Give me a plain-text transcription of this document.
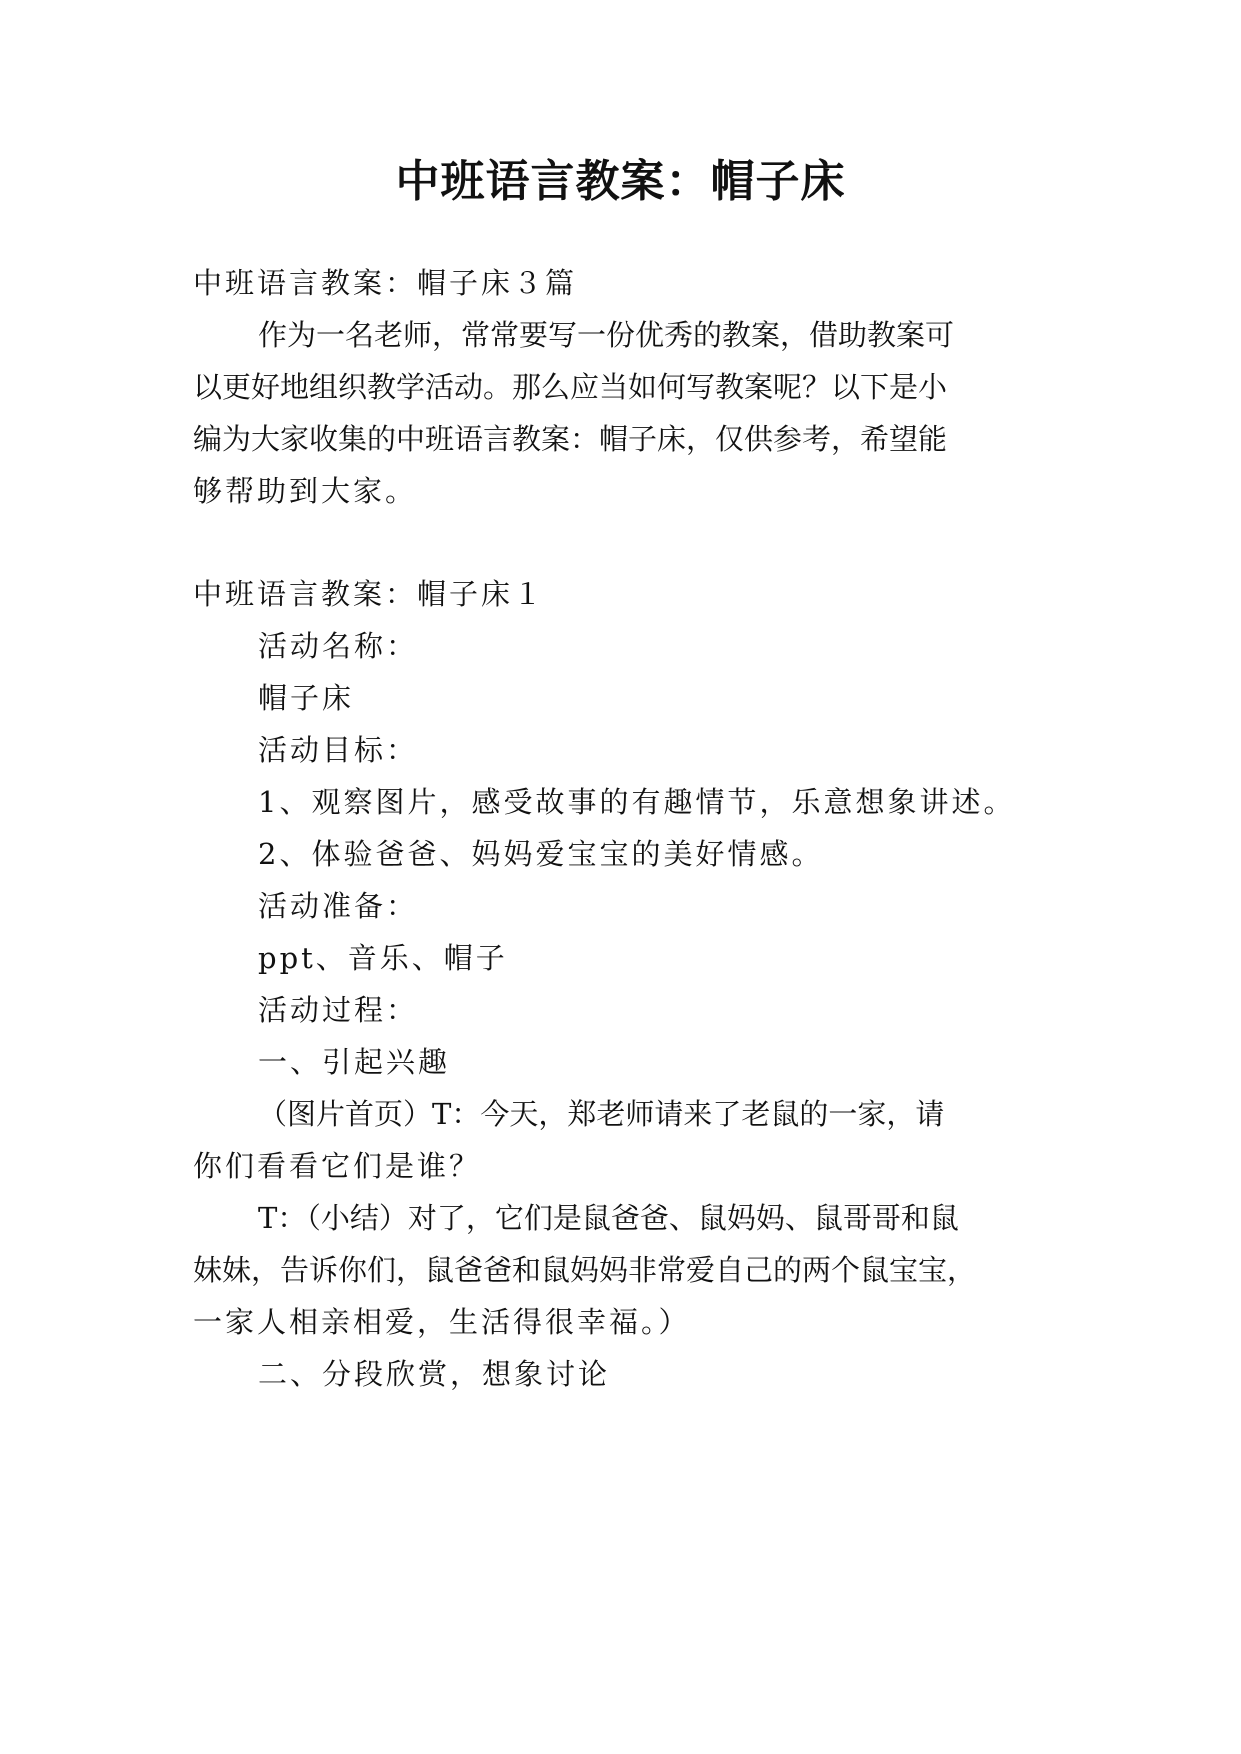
中班语言教案：帽子床
中班语言教案：帽子床３篇
作为一名老师，常常要写一份优秀的教案，借助教案可
以更好地组织教学活动。那么应当如何写教案呢？以下是小
编为大家收集的中班语言教案：帽子床，仅供参考，希望能
够帮助到大家。
中班语言教案：帽子床１
活动名称：
帽子床
活动目标：
1、观察图片，感受故事的有趣情节，乐意想象讲述。
2、体验爸爸、妈妈爱宝宝的美好情感。
活动准备：
ppt、音乐、帽子
活动过程：
一、引起兴趣
（图片首页）T：今天，郑老师请来了老鼠的一家，请
你们看看它们是谁？
T：（小结）对了，它们是鼠爸爸、鼠妈妈、鼠哥哥和鼠
妹妹，告诉你们，鼠爸爸和鼠妈妈非常爱自己的两个鼠宝宝，
一家人相亲相爱，生活得很幸福。）
二、分段欣赏，想象讨论
